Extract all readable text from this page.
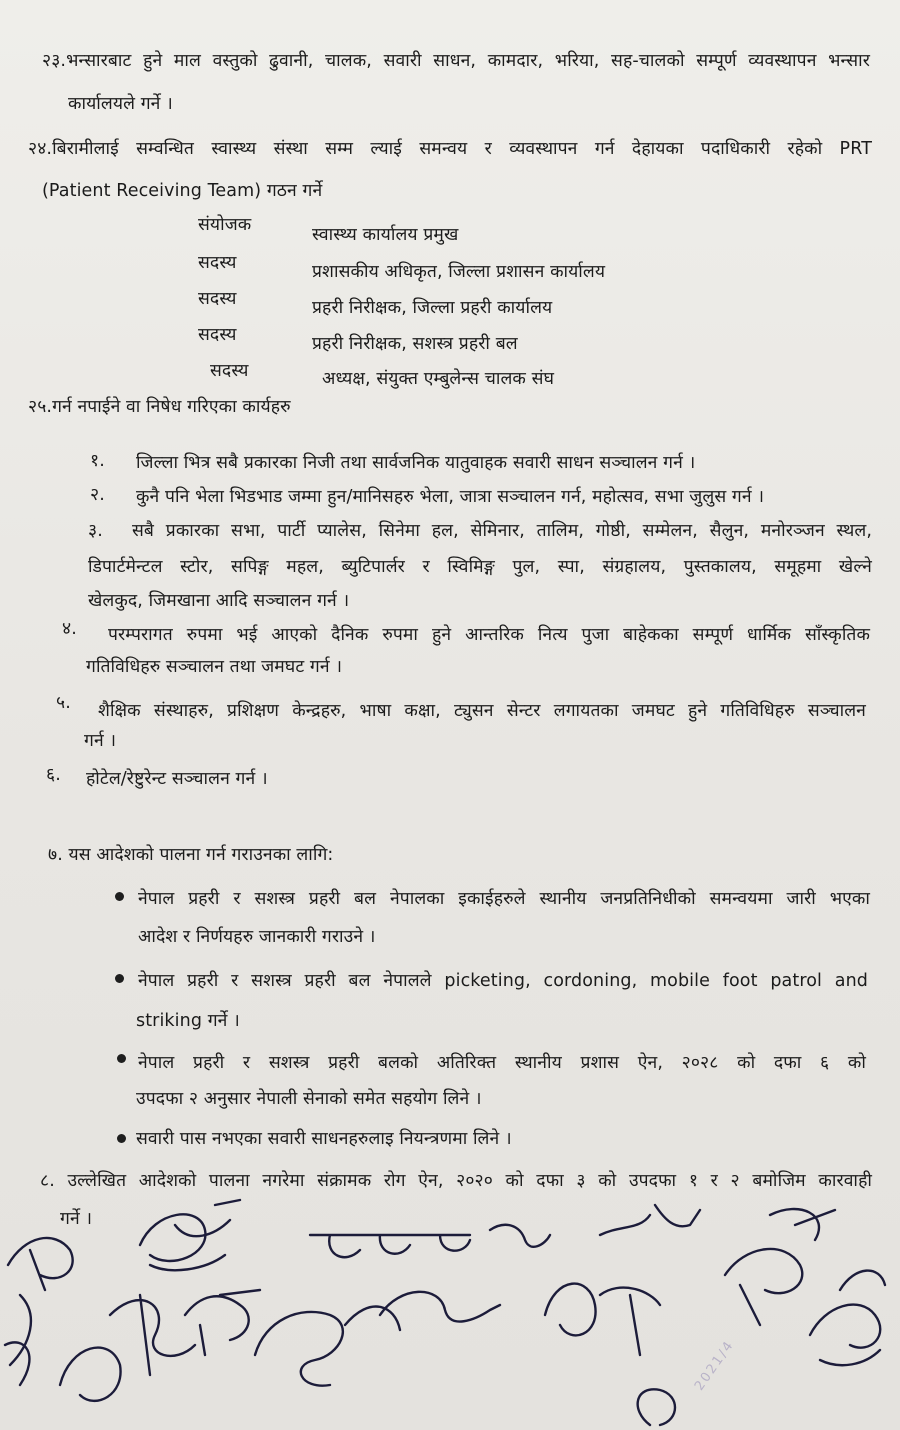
२३.भन्सारबाट हुने माल वस्तुको ढुवानी, चालक, सवारी साधन, कामदार, भरिया, सह-चालको सम्पूर्ण व्यवस्थापन भन्सार
कार्यालयले गर्ने ।
२४.बिरामीलाई सम्वन्धित स्वास्थ्य संस्था सम्म ल्याई समन्वय र व्यवस्थापन गर्न देहायका पदाधिकारी रहेको PRT
(Patient Receiving Team) गठन गर्ने
संयोजक	स्वास्थ्य कार्यालय प्रमुख
सदस्य	प्रशासकीय अधिकृत, जिल्ला प्रशासन कार्यालय
सदस्य	प्रहरी निरीक्षक, जिल्ला प्रहरी कार्यालय
सदस्य	प्रहरी निरीक्षक, सशस्त्र प्रहरी बल
सदस्य	अध्यक्ष, संयुक्त एम्बुलेन्स चालक संघ
२५.गर्न नपाईने वा निषेध गरिएका कार्यहरु
१. जिल्ला भित्र सबै प्रकारका निजी तथा सार्वजनिक यातुवाहक सवारी साधन सञ्चालन गर्न ।
२. कुनै पनि भेला भिडभाड जम्मा हुन/मानिसहरु भेला, जात्रा सञ्चालन गर्न, महोत्सव, सभा जुलुस गर्न ।
३. सबै प्रकारका सभा, पार्टी प्यालेस, सिनेमा हल, सेमिनार, तालिम, गोष्ठी, सम्मेलन, सैलुन, मनोरञ्जन स्थल,
डिपार्टमेन्टल स्टोर, सपिङ्ग महल, ब्युटिपार्लर र स्विमिङ्ग पुल, स्पा, संग्रहालय, पुस्तकालय, समूहमा खेल्ने
खेलकुद, जिमखाना आदि सञ्चालन गर्न ।
४. परम्परागत रुपमा भई आएको दैनिक रुपमा हुने आन्तरिक नित्य पुजा बाहेकका सम्पूर्ण धार्मिक साँस्कृतिक
गतिविधिहरु सञ्चालन तथा जमघट गर्न ।
५. शैक्षिक संस्थाहरु, प्रशिक्षण केन्द्रहरु, भाषा कक्षा, ट्युसन सेन्टर लगायतका जमघट हुने गतिविधिहरु सञ्चालन
गर्न ।
६. होटेल/रेष्टुरेन्ट सञ्चालन गर्न ।
७. यस आदेशको पालना गर्न गराउनका लागि:
नेपाल प्रहरी र सशस्त्र प्रहरी बल नेपालका इकाईहरुले स्थानीय जनप्रतिनिधीको समन्वयमा जारी भएका
आदेश र निर्णयहरु जानकारी गराउने ।
नेपाल प्रहरी र सशस्त्र प्रहरी बल नेपालले picketing, cordoning, mobile foot patrol and
striking गर्ने ।
नेपाल प्रहरी र सशस्त्र प्रहरी बलको अतिरिक्त स्थानीय प्रशास ऐन, २०२८ को दफा ६ को
उपदफा २ अनुसार नेपाली सेनाको समेत सहयोग लिने ।
सवारी पास नभएका सवारी साधनहरुलाइ नियन्त्रणमा लिने ।
८. उल्लेखित आदेशको पालना नगरेमा संक्रामक रोग ऐन, २०२० को दफा ३ को उपदफा १ र २ बमोजिम कारवाही
गर्ने ।
2021/4
